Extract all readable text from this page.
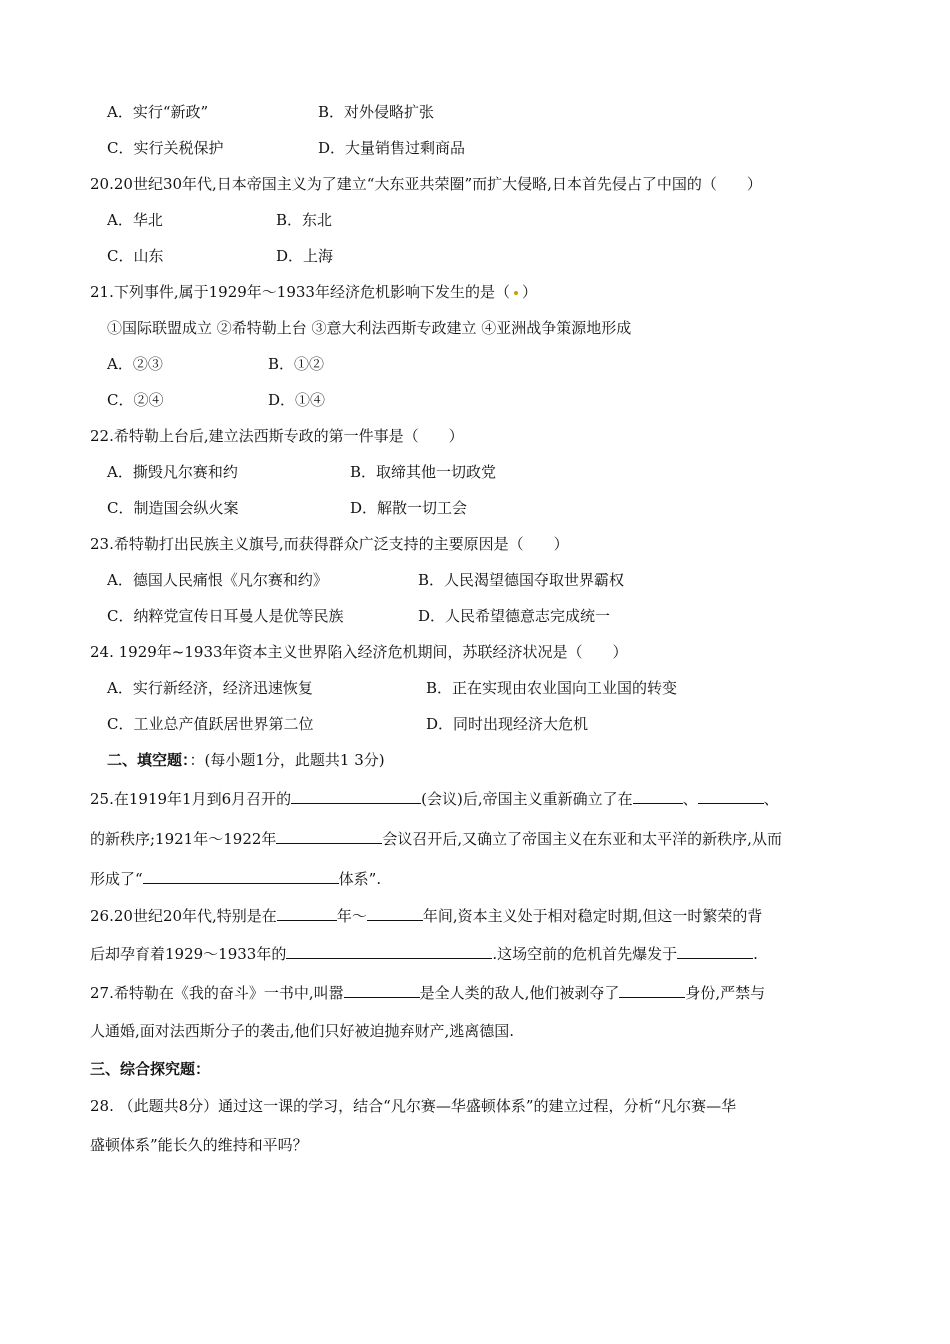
A．实行“新政”	B．对外侵略扩张
C．实行关税保护	D．大量销售过剩商品
20.20世纪30年代,日本帝国主义为了建立“大东亚共荣圈”而扩大侵略,日本首先侵占了中国的（　　）
A．华北	B．东北
C．山东	D．上海
21.下列事件,属于1929年～1933年经济危机影响下发生的是（ ）
①国际联盟成立 ②希特勒上台 ③意大利法西斯专政建立 ④亚洲战争策源地形成
A．②③	B．①②
C．②④	D．①④
22.希特勒上台后,建立法西斯专政的第一件事是（　　）
A．撕毁凡尔赛和约	B．取缔其他一切政党
C．制造国会纵火案	D．解散一切工会
23.希特勒打出民族主义旗号,而获得群众广泛支持的主要原因是（　　）
A．德国人民痛恨《凡尔赛和约》	B．人民渴望德国夺取世界霸权
C．纳粹党宣传日耳曼人是优等民族	D．人民希望德意志完成统一
24. 1929年~1933年资本主义世界陷入经济危机期间，苏联经济状况是（　　）
A．实行新经济，经济迅速恢复	B．正在实现由农业国向工业国的转变
C．工业总产值跃居世界第二位	D．同时出现经济大危机
二、填空题：：(每小题1分，此题共1 3分)
25.在1919年1月到6月召开的	(会议)后,帝国主义重新确立了在	、	、
的新秩序;1921年～1922年	会议召开后,又确立了帝国主义在东亚和太平洋的新秩序,从而
形成了“	体系”.
26.20世纪20年代,特别是在	年～	年间,资本主义处于相对稳定时期,但这一时繁荣的背
后却孕育着1929～1933年的	.这场空前的危机首先爆发于	.
27.希特勒在《我的奋斗》一书中,叫嚣	是全人类的敌人,他们被剥夺了	身份,严禁与
人通婚,面对法西斯分子的袭击,他们只好被迫抛弃财产,逃离德国.
三、综合探究题：
28. （此题共8分）通过这一课的学习，结合“凡尔赛—华盛顿体系”的建立过程，分析“凡尔赛—华
盛顿体系”能长久的维持和平吗？
